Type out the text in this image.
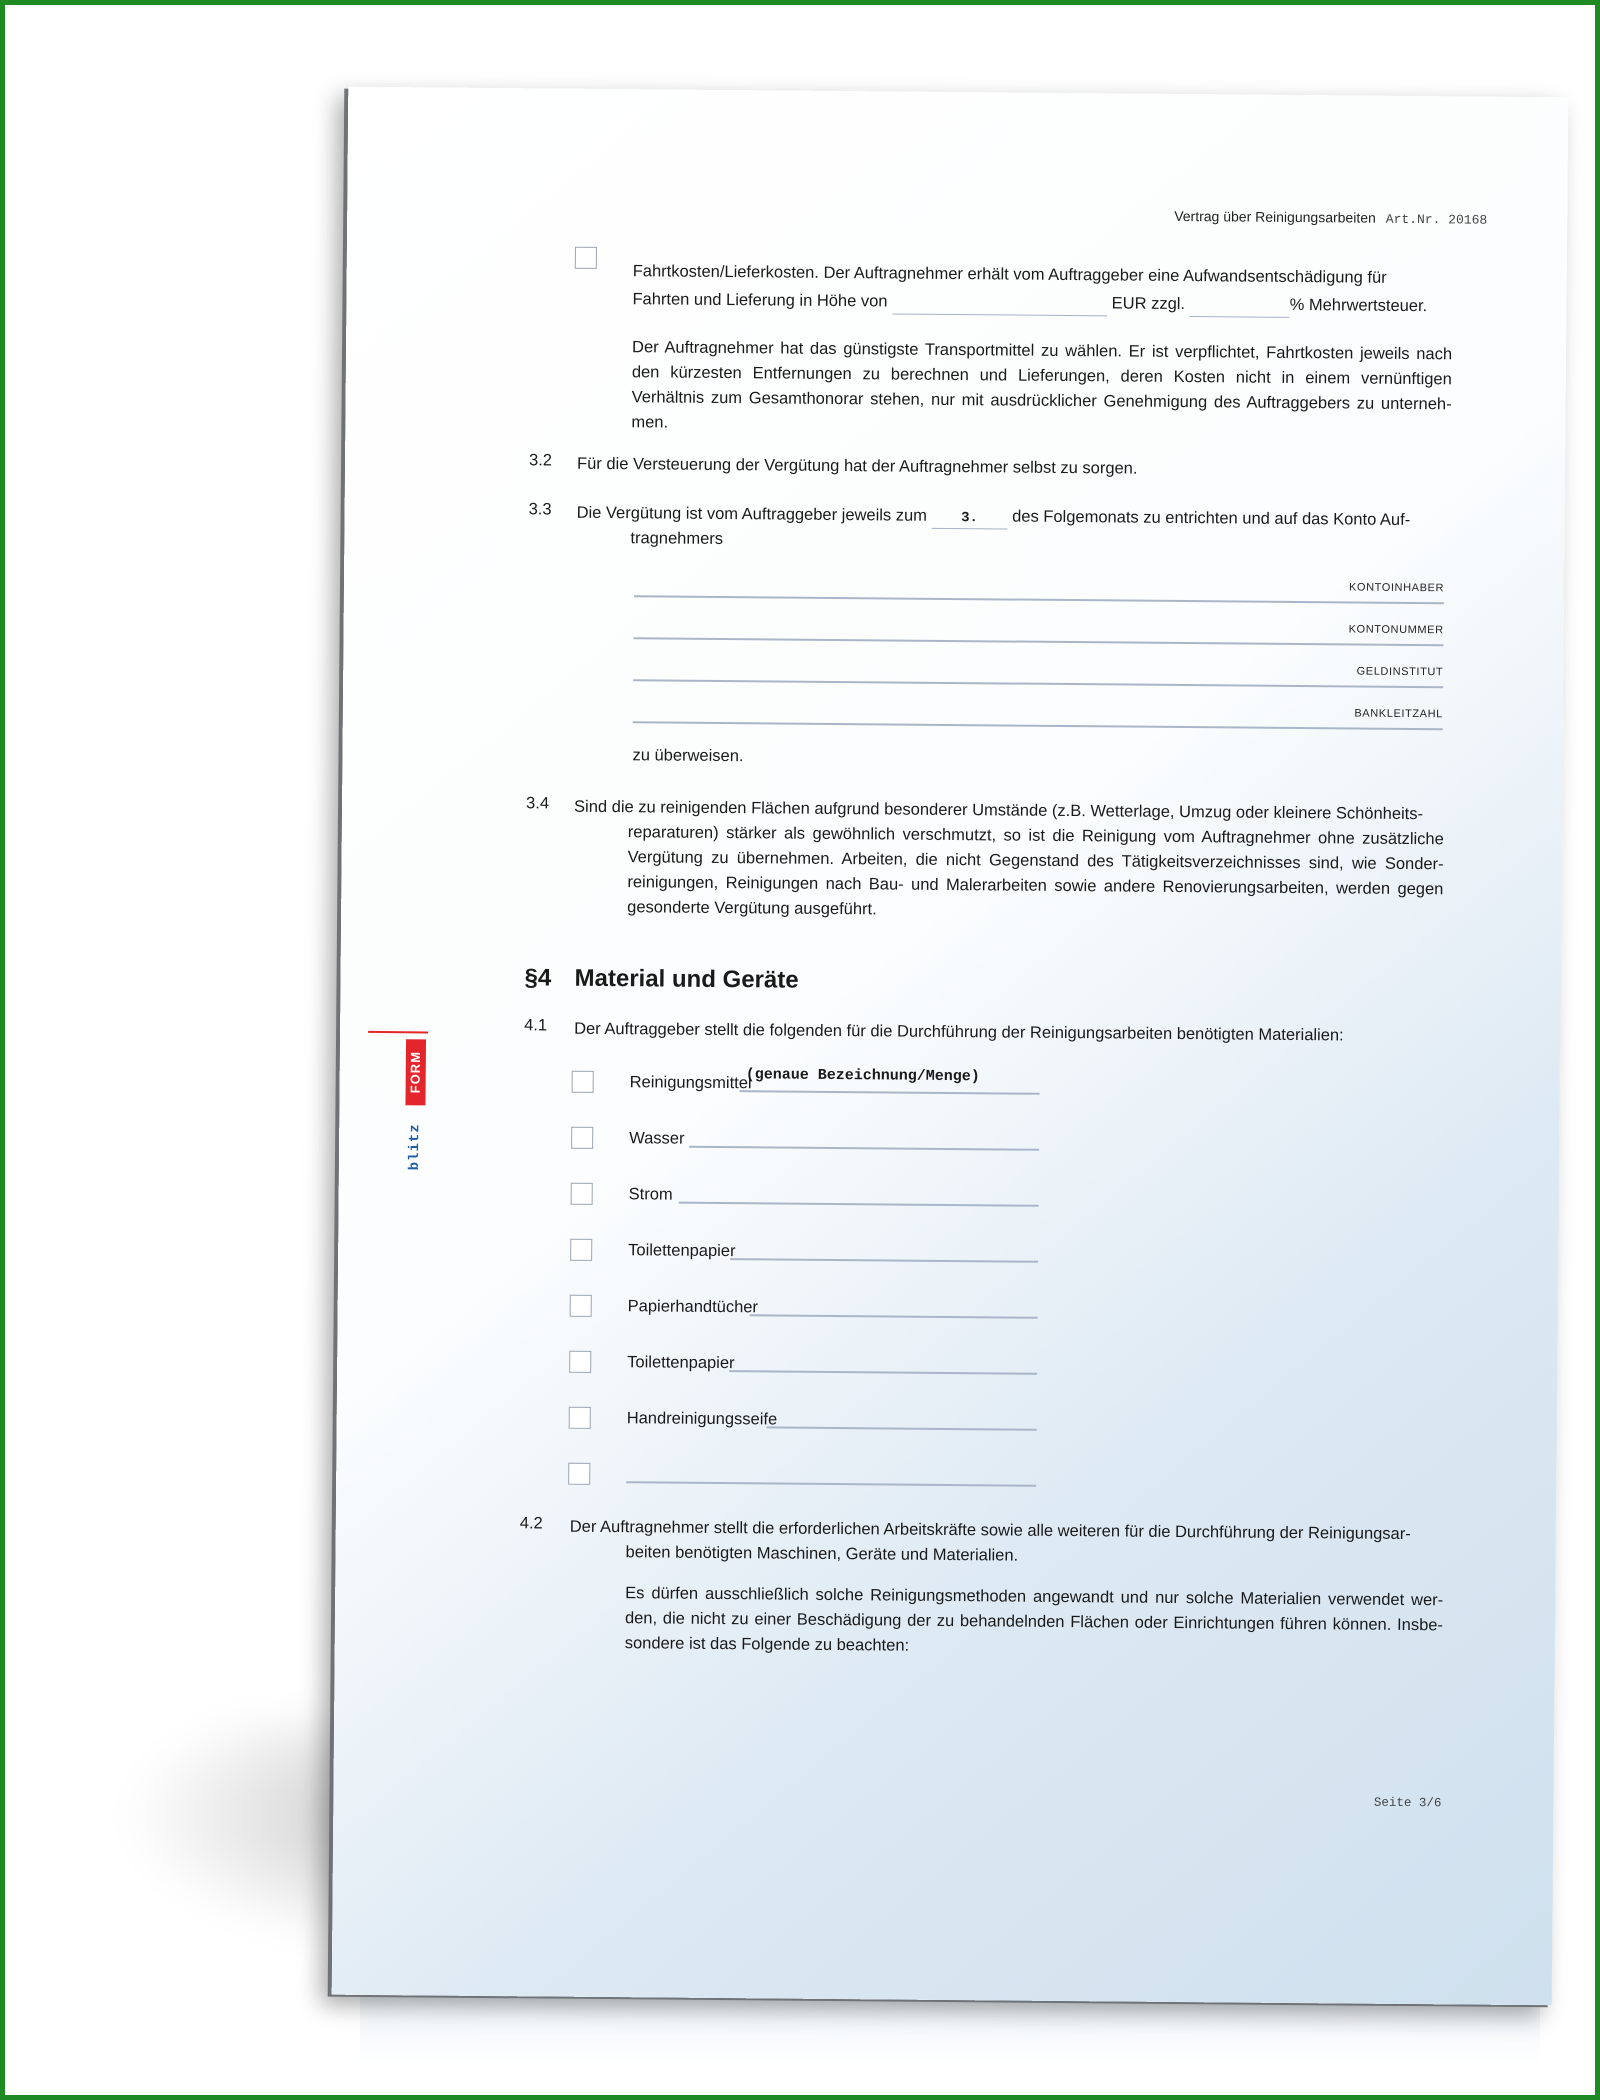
Vertrag über Reinigungsarbeiten Art.Nr. 20168
Fahrtkosten/Lieferkosten. Der Auftragnehmer erhält vom Auftraggeber eine Aufwandsentschädigung für
Fahrten und Lieferung in Höhe von	EUR zzgl.	% Mehrwertsteuer.
Der Auftragnehmer hat das günstigste Transportmittel zu wählen. Er ist verpflichtet, Fahrtkosten jeweils nach den kürzesten Entfernungen zu berechnen und Lieferungen, deren Kosten nicht in einem vernünftigen Verhältnis zum Gesamthonorar stehen, nur mit ausdrücklicher Genehmigung des Auftraggebers zu unterneh-men.
3.2 Für die Versteuerung der Vergütung hat der Auftragnehmer selbst zu sorgen.
3.3 Die Vergütung ist vom Auftraggeber jeweils zum 3. des Folgemonats zu entrichten und auf das Konto Auf-
tragnehmers
KONTOINHABER
KONTONUMMER
GELDINSTITUT
BANKLEITZAHL
zu überweisen.
3.4 Sind die zu reinigenden Flächen aufgrund besonderer Umstände (z.B. Wetterlage, Umzug oder kleinere Schönheits-
reparaturen) stärker als gewöhnlich verschmutzt, so ist die Reinigung vom Auftragnehmer ohne zusätzliche Vergütung zu übernehmen. Arbeiten, die nicht Gegenstand des Tätigkeitsverzeichnisses sind, wie Sonder-reinigungen, Reinigungen nach Bau- und Malerarbeiten sowie andere Renovierungsarbeiten, werden gegen gesonderte Vergütung ausgeführt.
FORM
blitz
§4 Material und Geräte
4.1 Der Auftraggeber stellt die folgenden für die Durchführung der Reinigungsarbeiten benötigten Materialien:
Reinigungsmittel
(genaue Bezeichnung/Menge)
Wasser
Strom
Toilettenpapier
Papierhandtücher
Toilettenpapier
Handreinigungsseife
4.2 Der Auftragnehmer stellt die erforderlichen Arbeitskräfte sowie alle weiteren für die Durchführung der Reinigungsar-
beiten benötigten Maschinen, Geräte und Materialien.
Es dürfen ausschließlich solche Reinigungsmethoden angewandt und nur solche Materialien verwendet wer-den, die nicht zu einer Beschädigung der zu behandelnden Flächen oder Einrichtungen führen können. Insbe-sondere ist das Folgende zu beachten:
Seite 3/6
